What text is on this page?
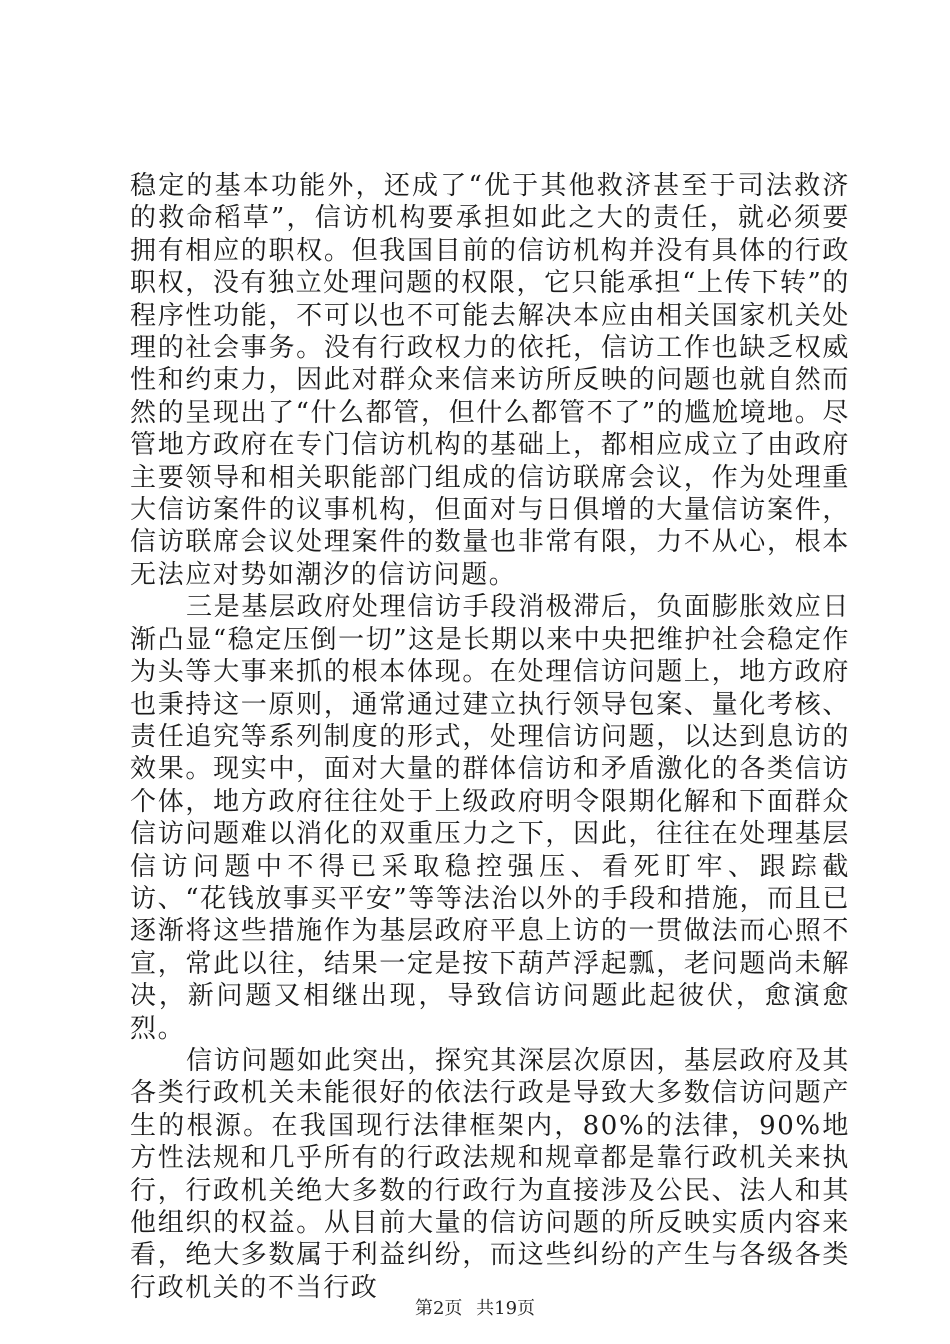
稳定的基本功能外，还成了“优于其他救济甚至于司法救济的救命稻草”，信访机构要承担如此之大的责任，就必须要拥有相应的职权。但我国目前的信访机构并没有具体的行政职权，没有独立处理问题的权限，它只能承担“上传下转”的程序性功能，不可以也不可能去解决本应由相关国家机关处理的社会事务。没有行政权力的依托，信访工作也缺乏权威性和约束力，因此对群众来信来访所反映的问题也就自然而然的呈现出了“什么都管，但什么都管不了”的尴尬境地。尽管地方政府在专门信访机构的基础上，都相应成立了由政府主要领导和相关职能部门组成的信访联席会议，作为处理重大信访案件的议事机构，但面对与日俱增的大量信访案件，信访联席会议处理案件的数量也非常有限，力不从心，根本无法应对势如潮汐的信访问题。

三是基层政府处理信访手段消极滞后，负面膨胀效应日渐凸显“稳定压倒一切”这是长期以来中央把维护社会稳定作为头等大事来抓的根本体现。在处理信访问题上，地方政府也秉持这一原则，通常通过建立执行领导包案、量化考核、责任追究等系列制度的形式，处理信访问题，以达到息访的效果。现实中，面对大量的群体信访和矛盾激化的各类信访个体，地方政府往往处于上级政府明令限期化解和下面群众信访问题难以消化的双重压力之下，因此，往往在处理基层信访问题中不得已采取稳控强压、看死盯牢、跟踪截访、“花钱放事买平安”等等法治以外的手段和措施，而且已逐渐将这些措施作为基层政府平息上访的一贯做法而心照不宣，常此以往，结果一定是按下葫芦浮起瓢，老问题尚未解决，新问题又相继出现，导致信访问题此起彼伏，愈演愈烈。

信访问题如此突出，探究其深层次原因，基层政府及其各类行政机关未能很好的依法行政是导致大多数信访问题产生的根源。在我国现行法律框架内，80%的法律，90%地方性法规和几乎所有的行政法规和规章都是靠行政机关来执行，行政机关绝大多数的行政行为直接涉及公民、法人和其他组织的权益。从目前大量的信访问题的所反映实质内容来看，绝大多数属于利益纠纷，而这些纠纷的产生与各级各类行政机关的不当行政

第2页 共19页
